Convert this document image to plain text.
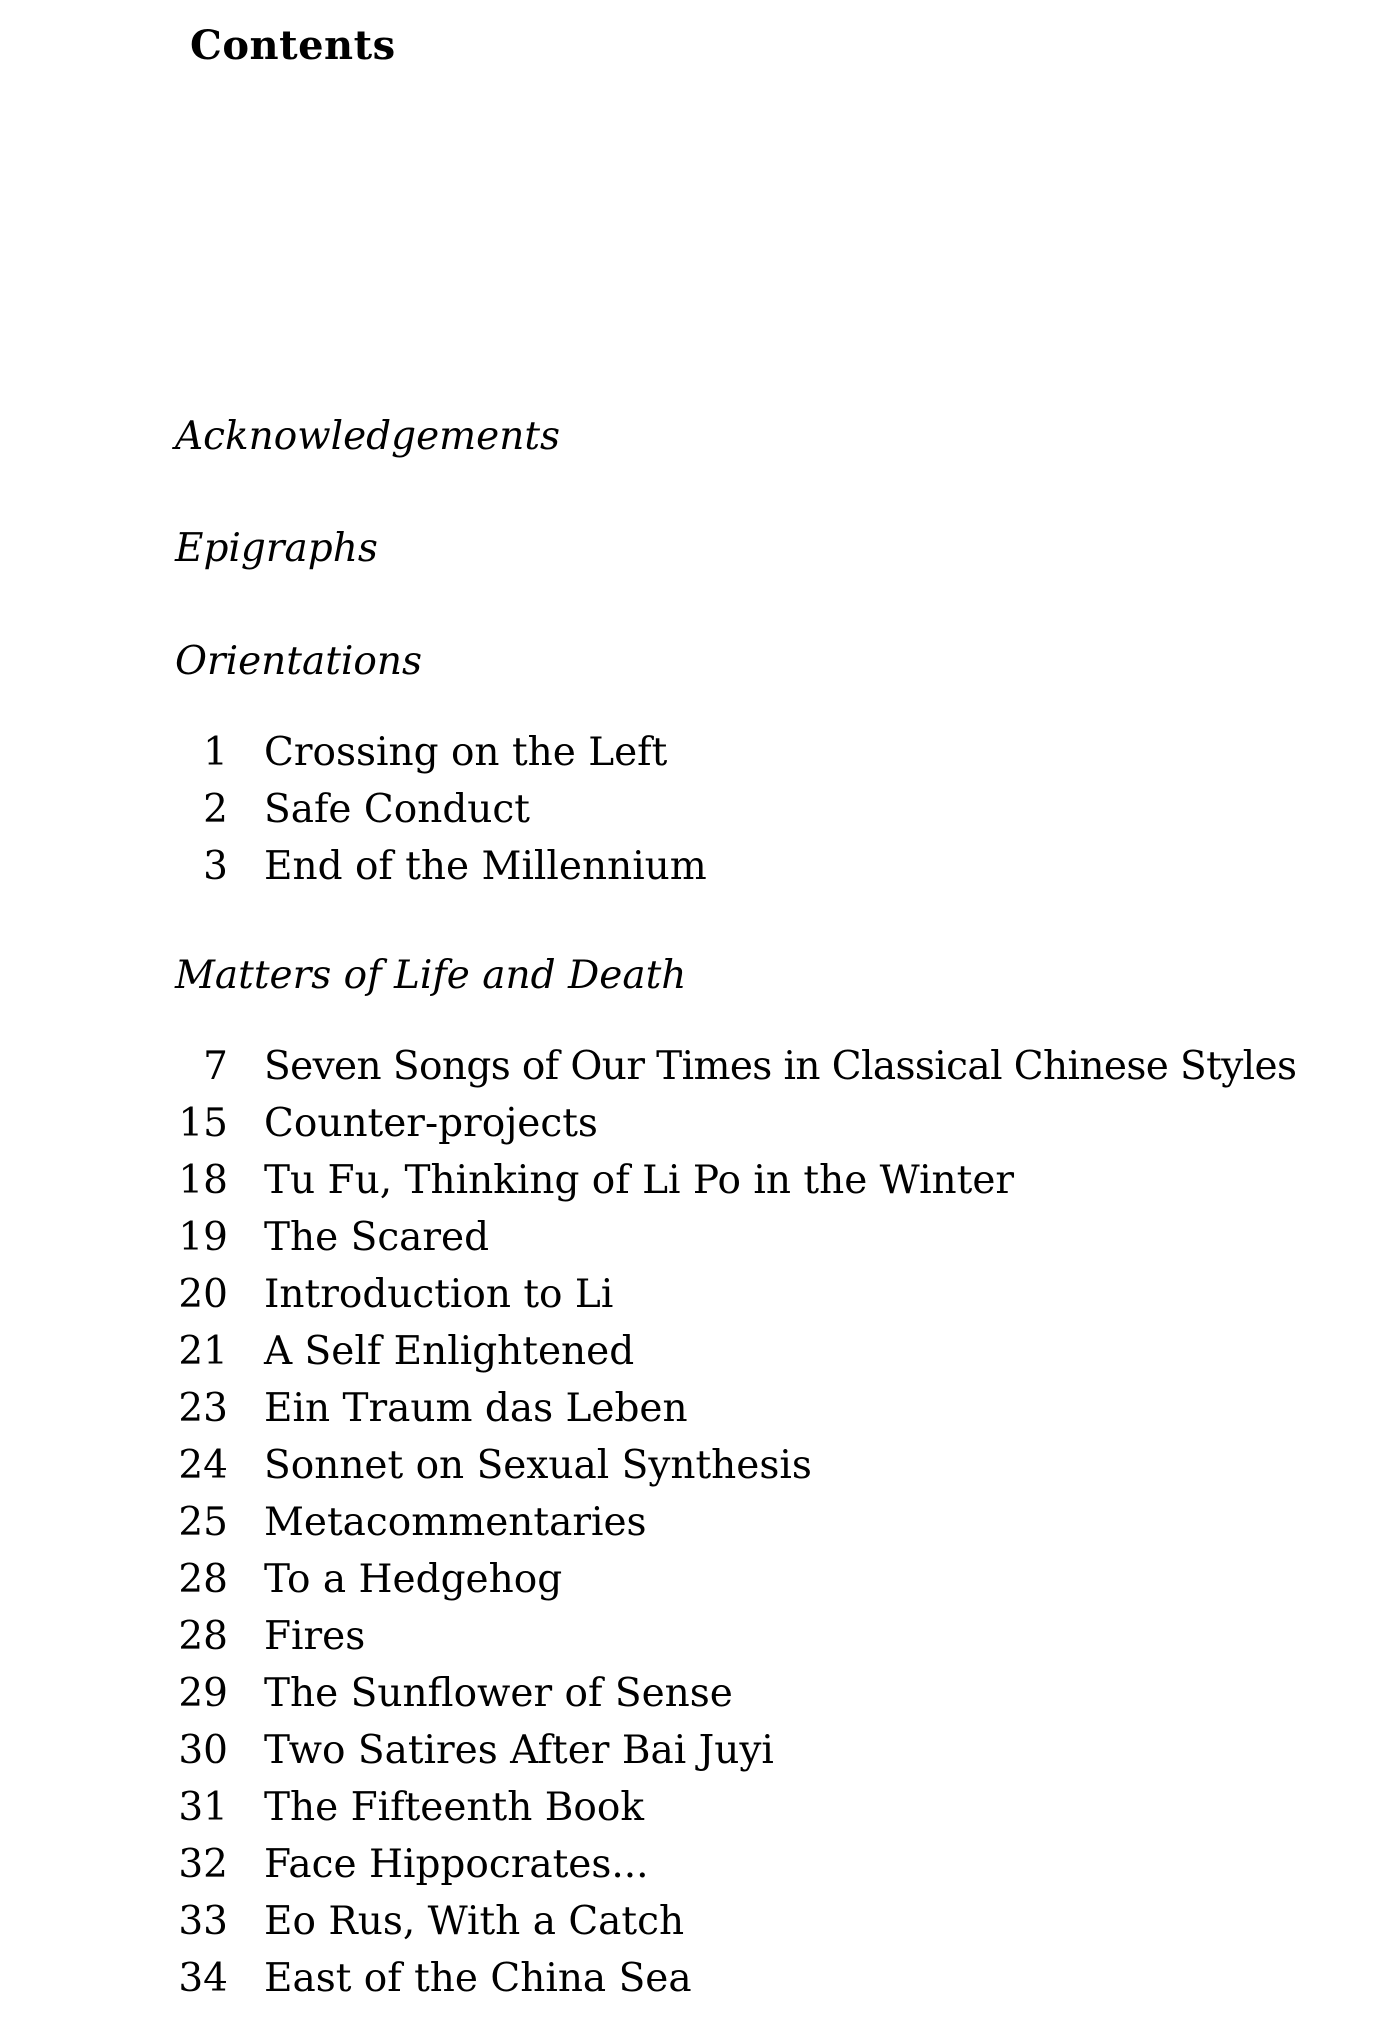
Contents
Acknowledgements
Epigraphs
Orientations
1 Crossing on the Left
2 Safe Conduct
3 End of the Millennium
Matters of Life and Death
7 Seven Songs of Our Times in Classical Chinese Styles
15 Counter-projects
18 Tu Fu, Thinking of Li Po in the Winter
19 The Scared
20 Introduction to Li
21 A Self Enlightened
23 Ein Traum das Leben
24 Sonnet on Sexual Synthesis
25 Metacommentaries
28 To a Hedgehog
28 Fires
29 The Sunflower of Sense
30 Two Satires After Bai Juyi
31 The Fifteenth Book
32 Face Hippocrates...
33 Eo Rus, With a Catch
34 East of the China Sea
